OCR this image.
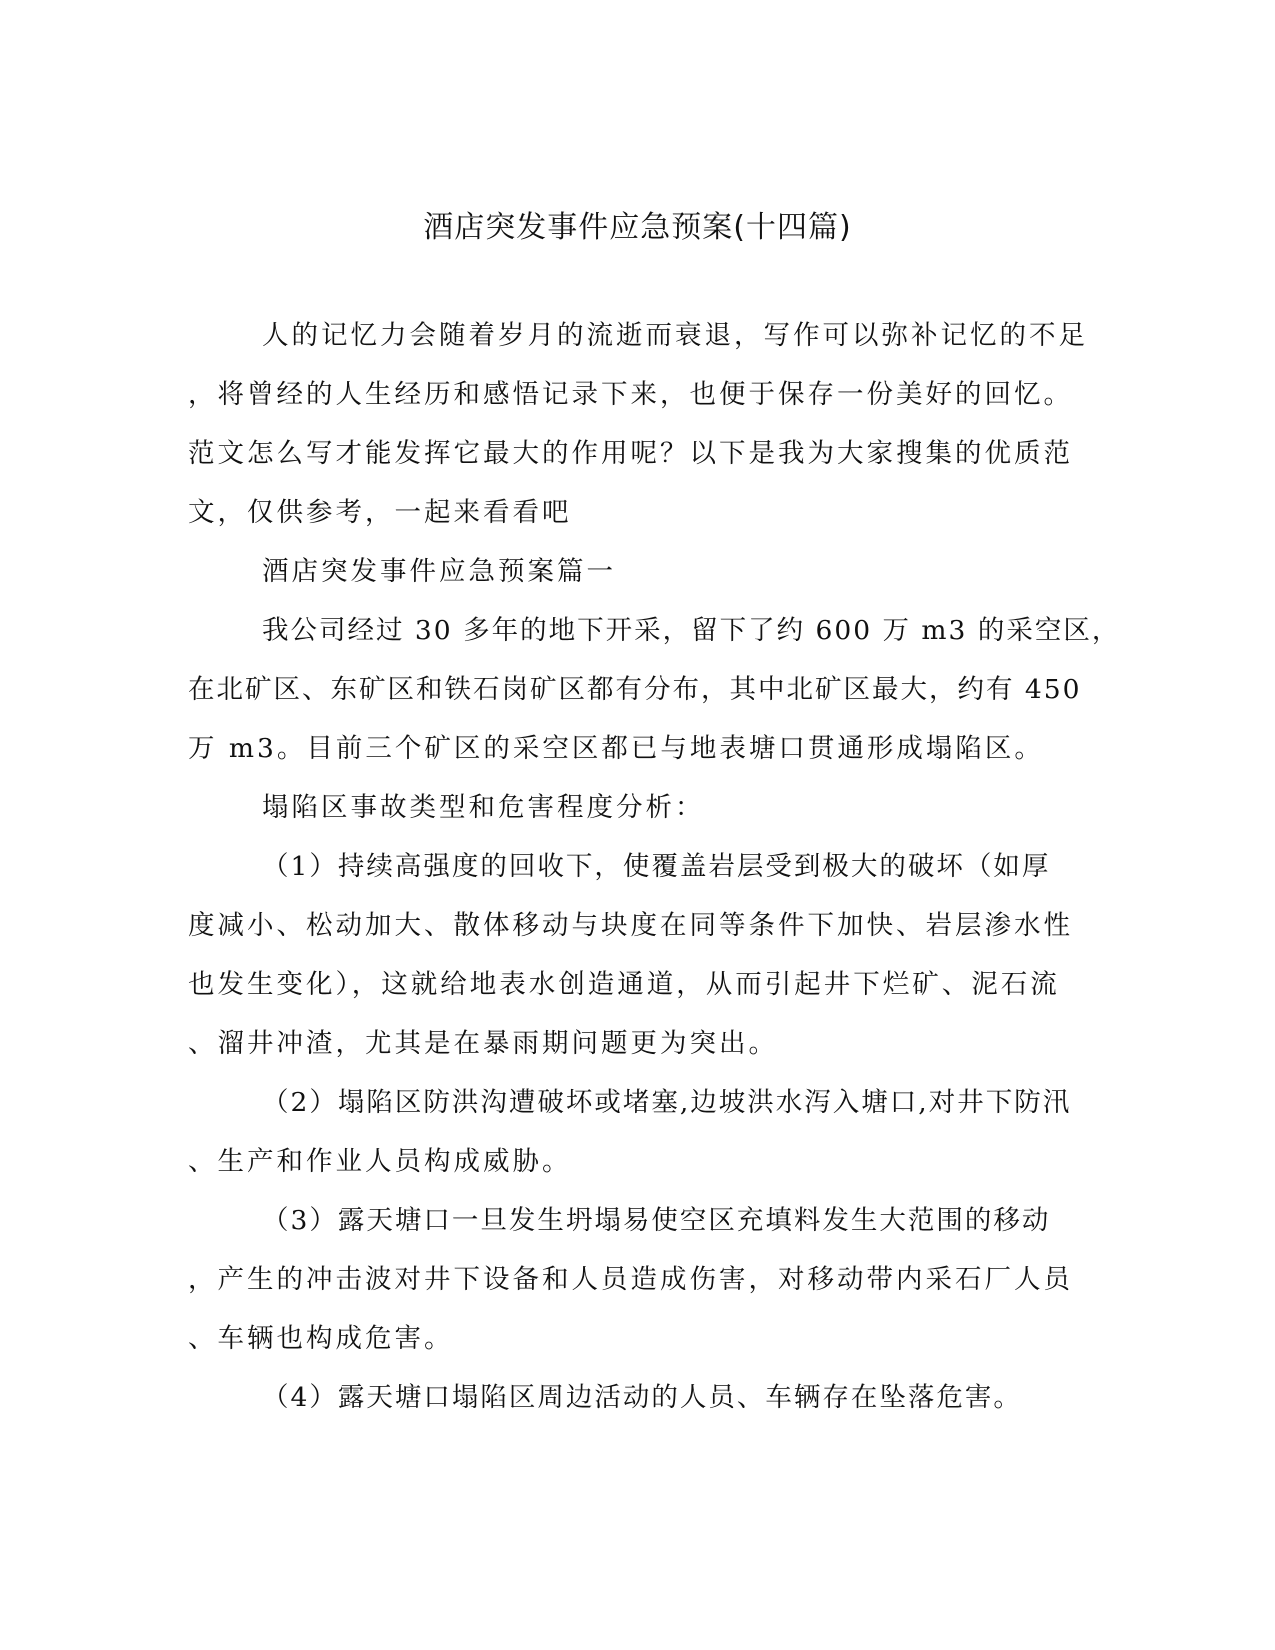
酒店突发事件应急预案(十四篇)
人的记忆力会随着岁月的流逝而衰退，写作可以弥补记忆的不足
，将曾经的人生经历和感悟记录下来，也便于保存一份美好的回忆。
范文怎么写才能发挥它最大的作用呢？以下是我为大家搜集的优质范
文，仅供参考，一起来看看吧
酒店突发事件应急预案篇一
我公司经过 30 多年的地下开采，留下了约 600 万 m3 的采空区，
在北矿区、东矿区和铁石岗矿区都有分布，其中北矿区最大，约有 450
万 m3。目前三个矿区的采空区都已与地表塘口贯通形成塌陷区。
塌陷区事故类型和危害程度分析：
（1）持续高强度的回收下，使覆盖岩层受到极大的破坏（如厚
度减小、松动加大、散体移动与块度在同等条件下加快、岩层渗水性
也发生变化），这就给地表水创造通道，从而引起井下烂矿、泥石流
、溜井冲渣，尤其是在暴雨期问题更为突出。
（2）塌陷区防洪沟遭破坏或堵塞,边坡洪水泻入塘口,对井下防汛
、生产和作业人员构成威胁。
（3）露天塘口一旦发生坍塌易使空区充填料发生大范围的移动
，产生的冲击波对井下设备和人员造成伤害，对移动带内采石厂人员
、车辆也构成危害。
（4）露天塘口塌陷区周边活动的人员、车辆存在坠落危害。
